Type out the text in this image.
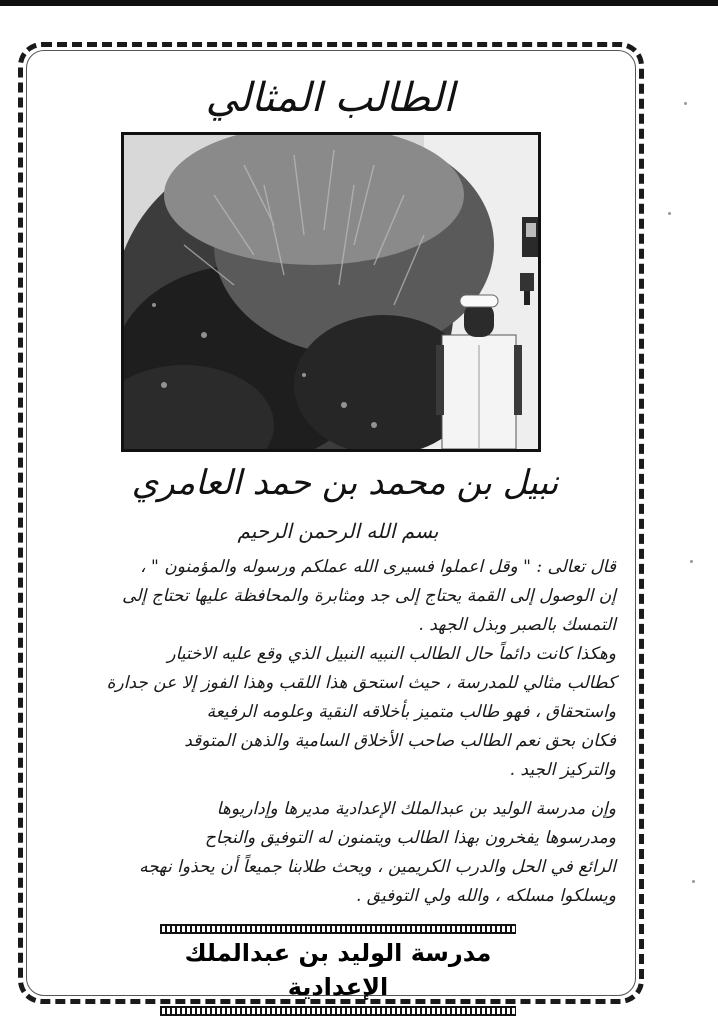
الطالب المثالي
نبيل بن محمد بن حمد العامري

بسم الله الرحمن الرحيم

قال تعالى : " وقل اعملوا فسيرى الله عملكم ورسوله والمؤمنون " ،

إن الوصول إلى القمة يحتاج إلى جد ومثابرة والمحافظة عليها تحتاج إلى

التمسك بالصبر وبذل الجهد .

وهكذا كانت دائماً حال الطالب النبيه النبيل الذي وقع عليه الاختيار

كطالب مثالي للمدرسة ، حيث استحق هذا اللقب وهذا الفوز إلا عن جدارة

واستحقاق ، فهو طالب متميز بأخلاقه النقية وعلومه الرفيعة

فكان بحق نعم الطالب صاحب الأخلاق السامية والذهن المتوقد

والتركيز الجيد .

وإن مدرسة الوليد بن عبدالملك الإعدادية مديرها وإداريوها

ومدرسوها يفخرون بهذا الطالب ويتمنون له التوفيق والنجاح

الرائع في الحل والدرب الكريمين ، ويحث طلابنا جميعاً أن يحذوا نهجه

ويسلكوا مسلكه ، والله ولي التوفيق .

مدرسة الوليد بن عبدالملك الإعدادية
